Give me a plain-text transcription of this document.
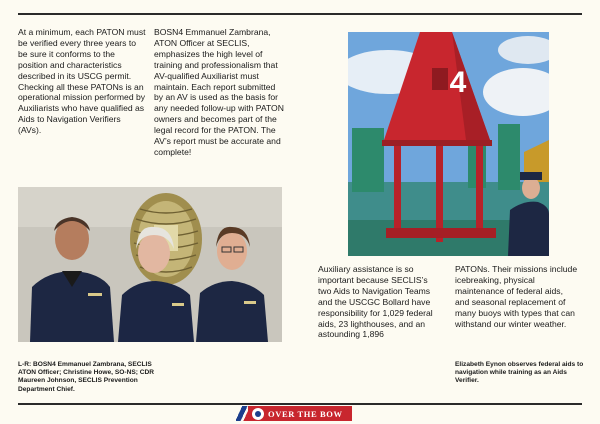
At a minimum, each PATON must be verified every three years to be sure it conforms to the position and characteristics described in its USCG permit. Checking all these PATONs is an operational mission performed by Auxiliarists who have qualified as Aids to Navigation Verifiers (AVs).

BOSN4 Emmanuel Zambrana, ATON Officer at SECLIS, emphasizes the high level of training and professionalism that AV-qualified Auxiliarist must maintain. Each report submitted by an AV is used as the basis for any needed follow-up with PATON owners and becomes part of the legal record for the PATON. The AV’s report must be accurate and complete!

L-R: BOSN4 Emmanuel Zambrana, SECLIS ATON Officer; Christine Howe, SO-NS; CDR Maureen Johnson, SECLIS Prevention Department Chief.

4

Auxiliary assistance is so important because SECLIS’s two Aids to Navigation Teams and the USCGC Bollard have responsibility for 1,029 federal aids, 23 lighthouses, and an astounding 1,896

PATONs. Their missions include icebreaking, physical maintenance of federal aids, and seasonal replacement of many buoys with types that can withstand our winter weather.

Elizabeth Eynon observes federal aids to navigation while training as an Aids Verifier.

OVER THE BOW
